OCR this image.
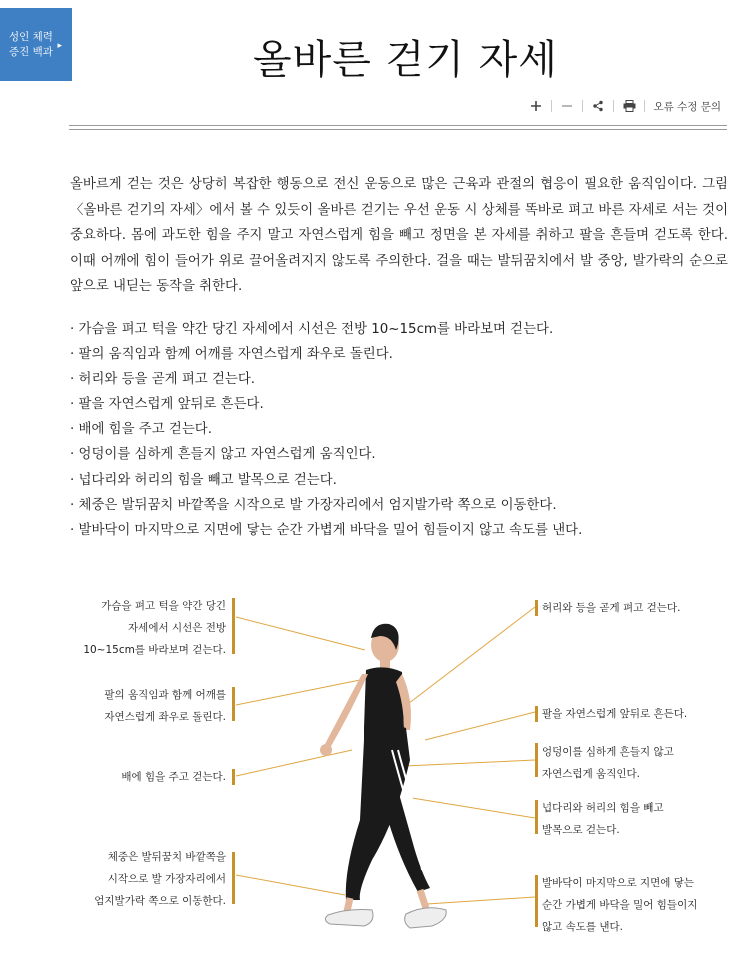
성인 체력
증진 백과 ▸	올바른 걷기 자세
오류 수정 문의

올바르게 걷는 것은 상당히 복잡한 행동으로 전신 운동으로 많은 근육과 관절의 협응이 필요한 움직임이다. 그림 〈올바른 걷기의 자세〉에서 볼 수 있듯이 올바른 걷기는 우선 운동 시 상체를 똑바로 펴고 바른 자세로 서는 것이 중요하다. 몸에 과도한 힘을 주지 말고 자연스럽게 힘을 빼고 정면을 본 자세를 취하고 팔을 흔들며 걷도록 한다. 이때 어깨에 힘이 들어가 위로 끌어올려지지 않도록 주의한다. 걸을 때는 발뒤꿈치에서 발 중앙, 발가락의 순으로 앞으로 내딛는 동작을 취한다.

· 가슴을 펴고 턱을 약간 당긴 자세에서 시선은 전방 10~15cm를 바라보며 걷는다.
· 팔의 움직임과 함께 어깨를 자연스럽게 좌우로 돌린다.
· 허리와 등을 곧게 펴고 걷는다.
· 팔을 자연스럽게 앞뒤로 흔든다.
· 배에 힘을 주고 걷는다.
· 엉덩이를 심하게 흔들지 않고 자연스럽게 움직인다.
· 넙다리와 허리의 힘을 빼고 발목으로 걷는다.
· 체중은 발뒤꿈치 바깥쪽을 시작으로 발 가장자리에서 엄지발가락 쪽으로 이동한다.
· 발바닥이 마지막으로 지면에 닿는 순간 가볍게 바닥을 밀어 힘들이지 않고 속도를 낸다.
가슴을 펴고 턱을 약간 당긴
자세에서 시선은 전방
10~15cm를 바라보며 걷는다.
팔의 움직임과 함께 어깨를
자연스럽게 좌우로 돌린다.
배에 힘을 주고 걷는다.
체중은 발뒤꿈치 바깥쪽을
시작으로 발 가장자리에서
엄지발가락 쪽으로 이동한다.
허리와 등을 곧게 펴고 걷는다.
팔을 자연스럽게 앞뒤로 흔든다.
엉덩이를 심하게 흔들지 않고
자연스럽게 움직인다.
넙다리와 허리의 힘을 빼고
발목으로 걷는다.
발바닥이 마지막으로 지면에 닿는
순간 가볍게 바닥을 밀어 힘들이지
않고 속도를 낸다.
